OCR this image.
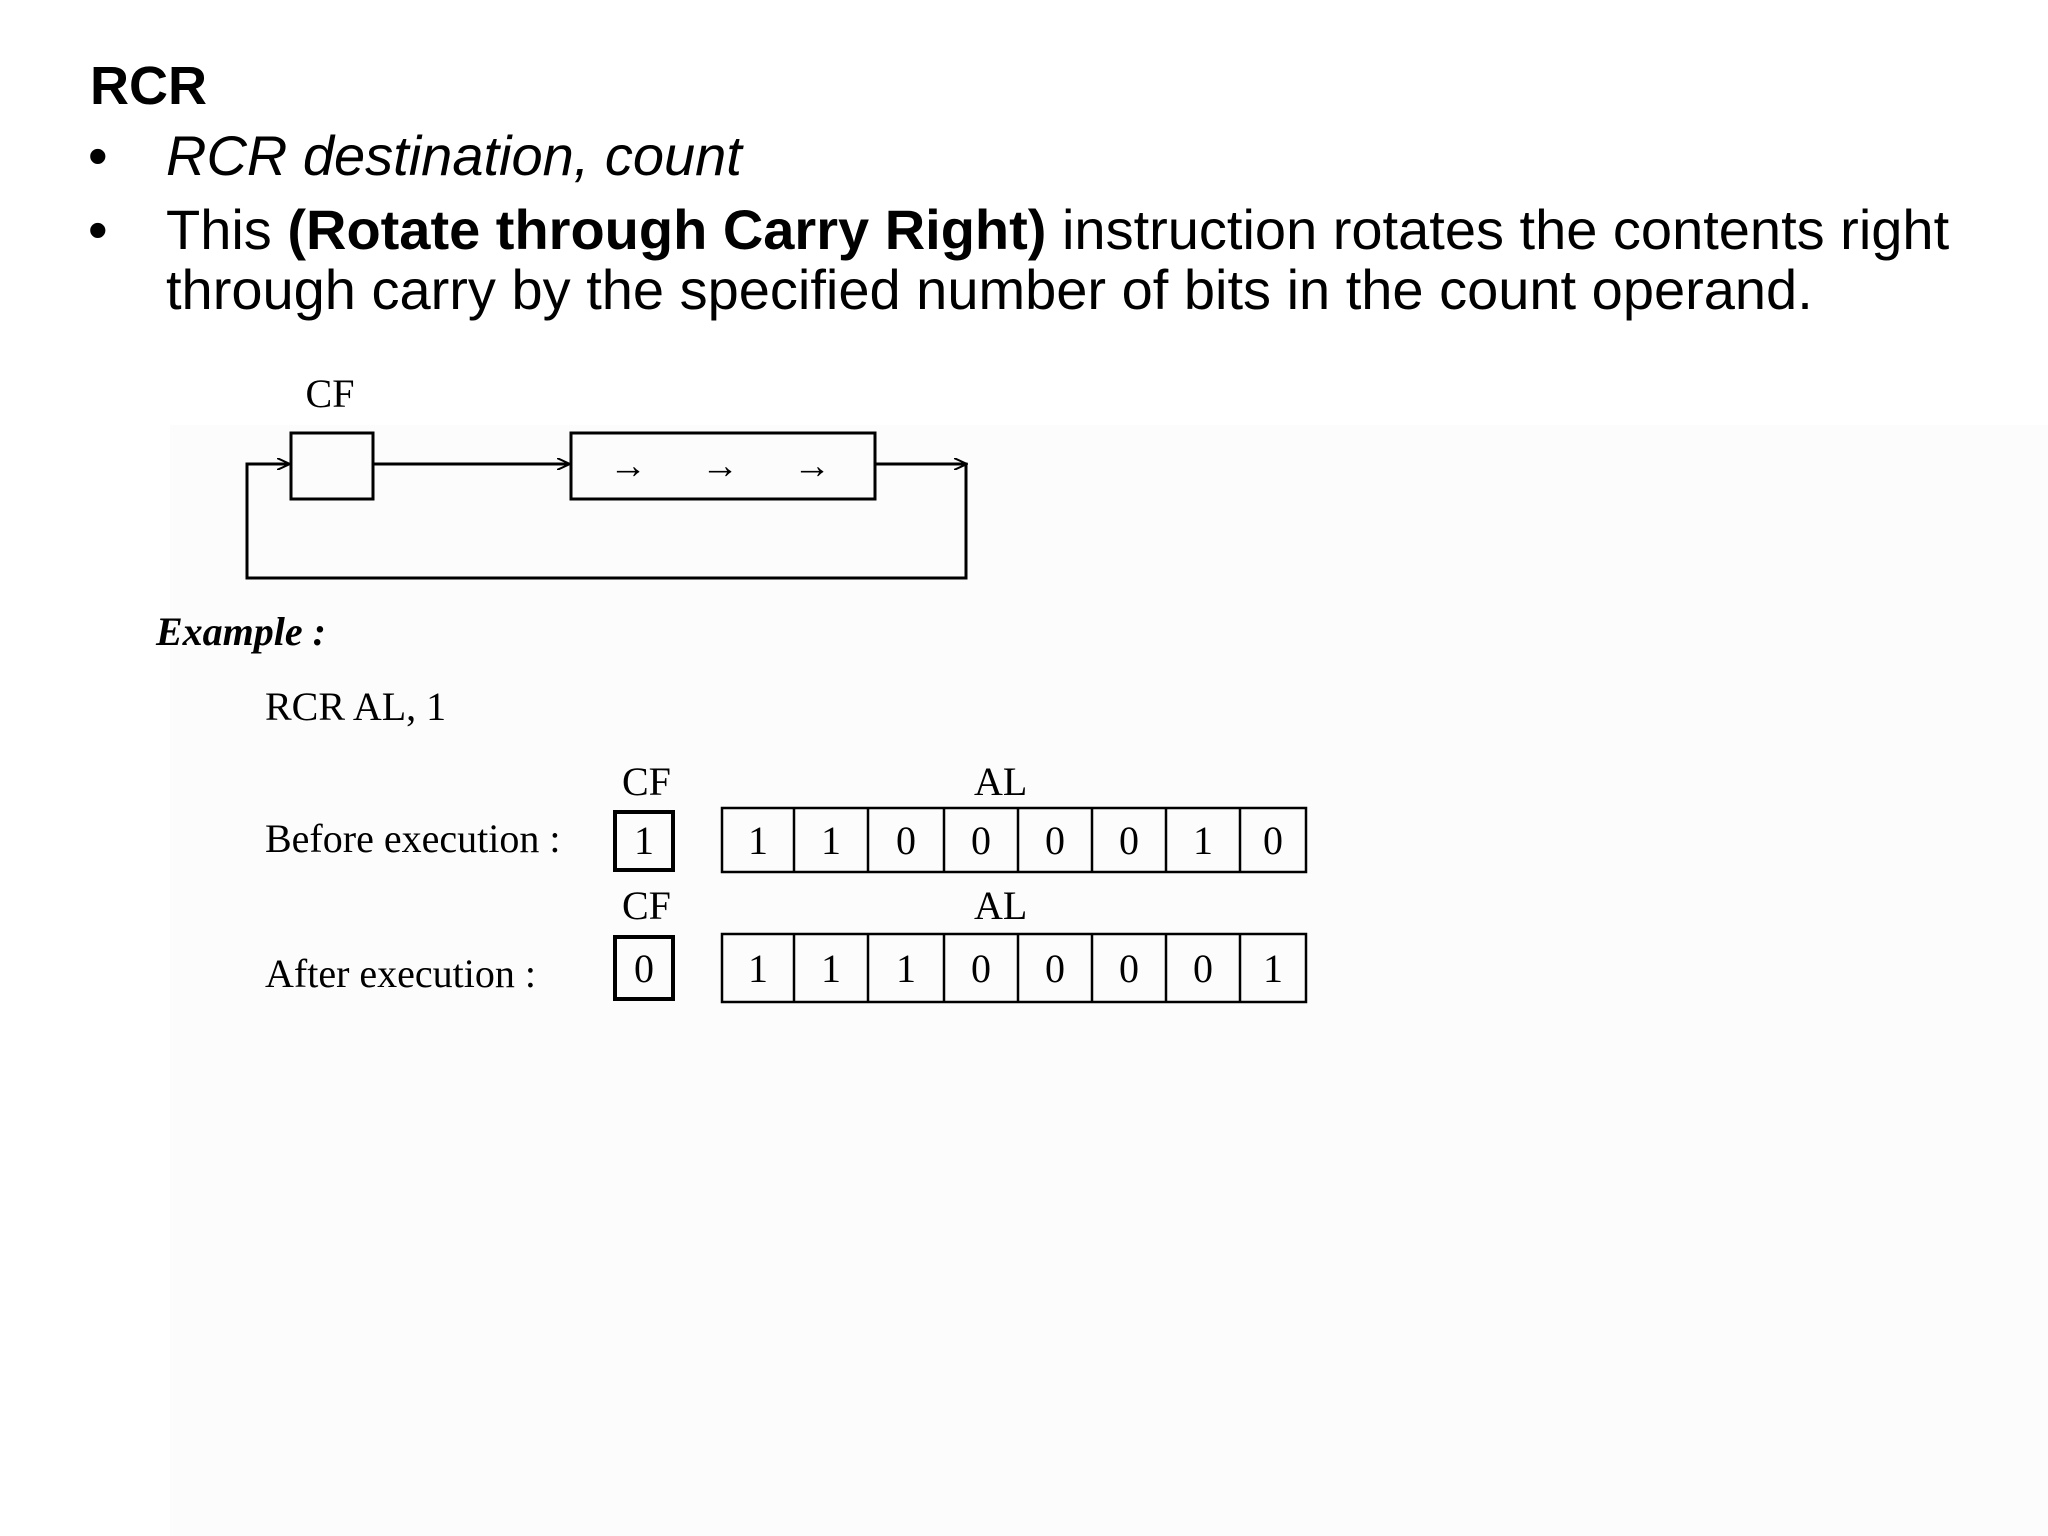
RCR
• RCR destination, count
• This (Rotate through Carry Right) instruction rotates the contents right through carry by the specified number of bits in the count operand.
CF
→ → →
Example :
RCR AL, 1
CF	AL
Before execution :	1	1	1	0	0	0	0	1	0
CF	AL
After execution :	0	1	1	1	0	0	0	0	1
